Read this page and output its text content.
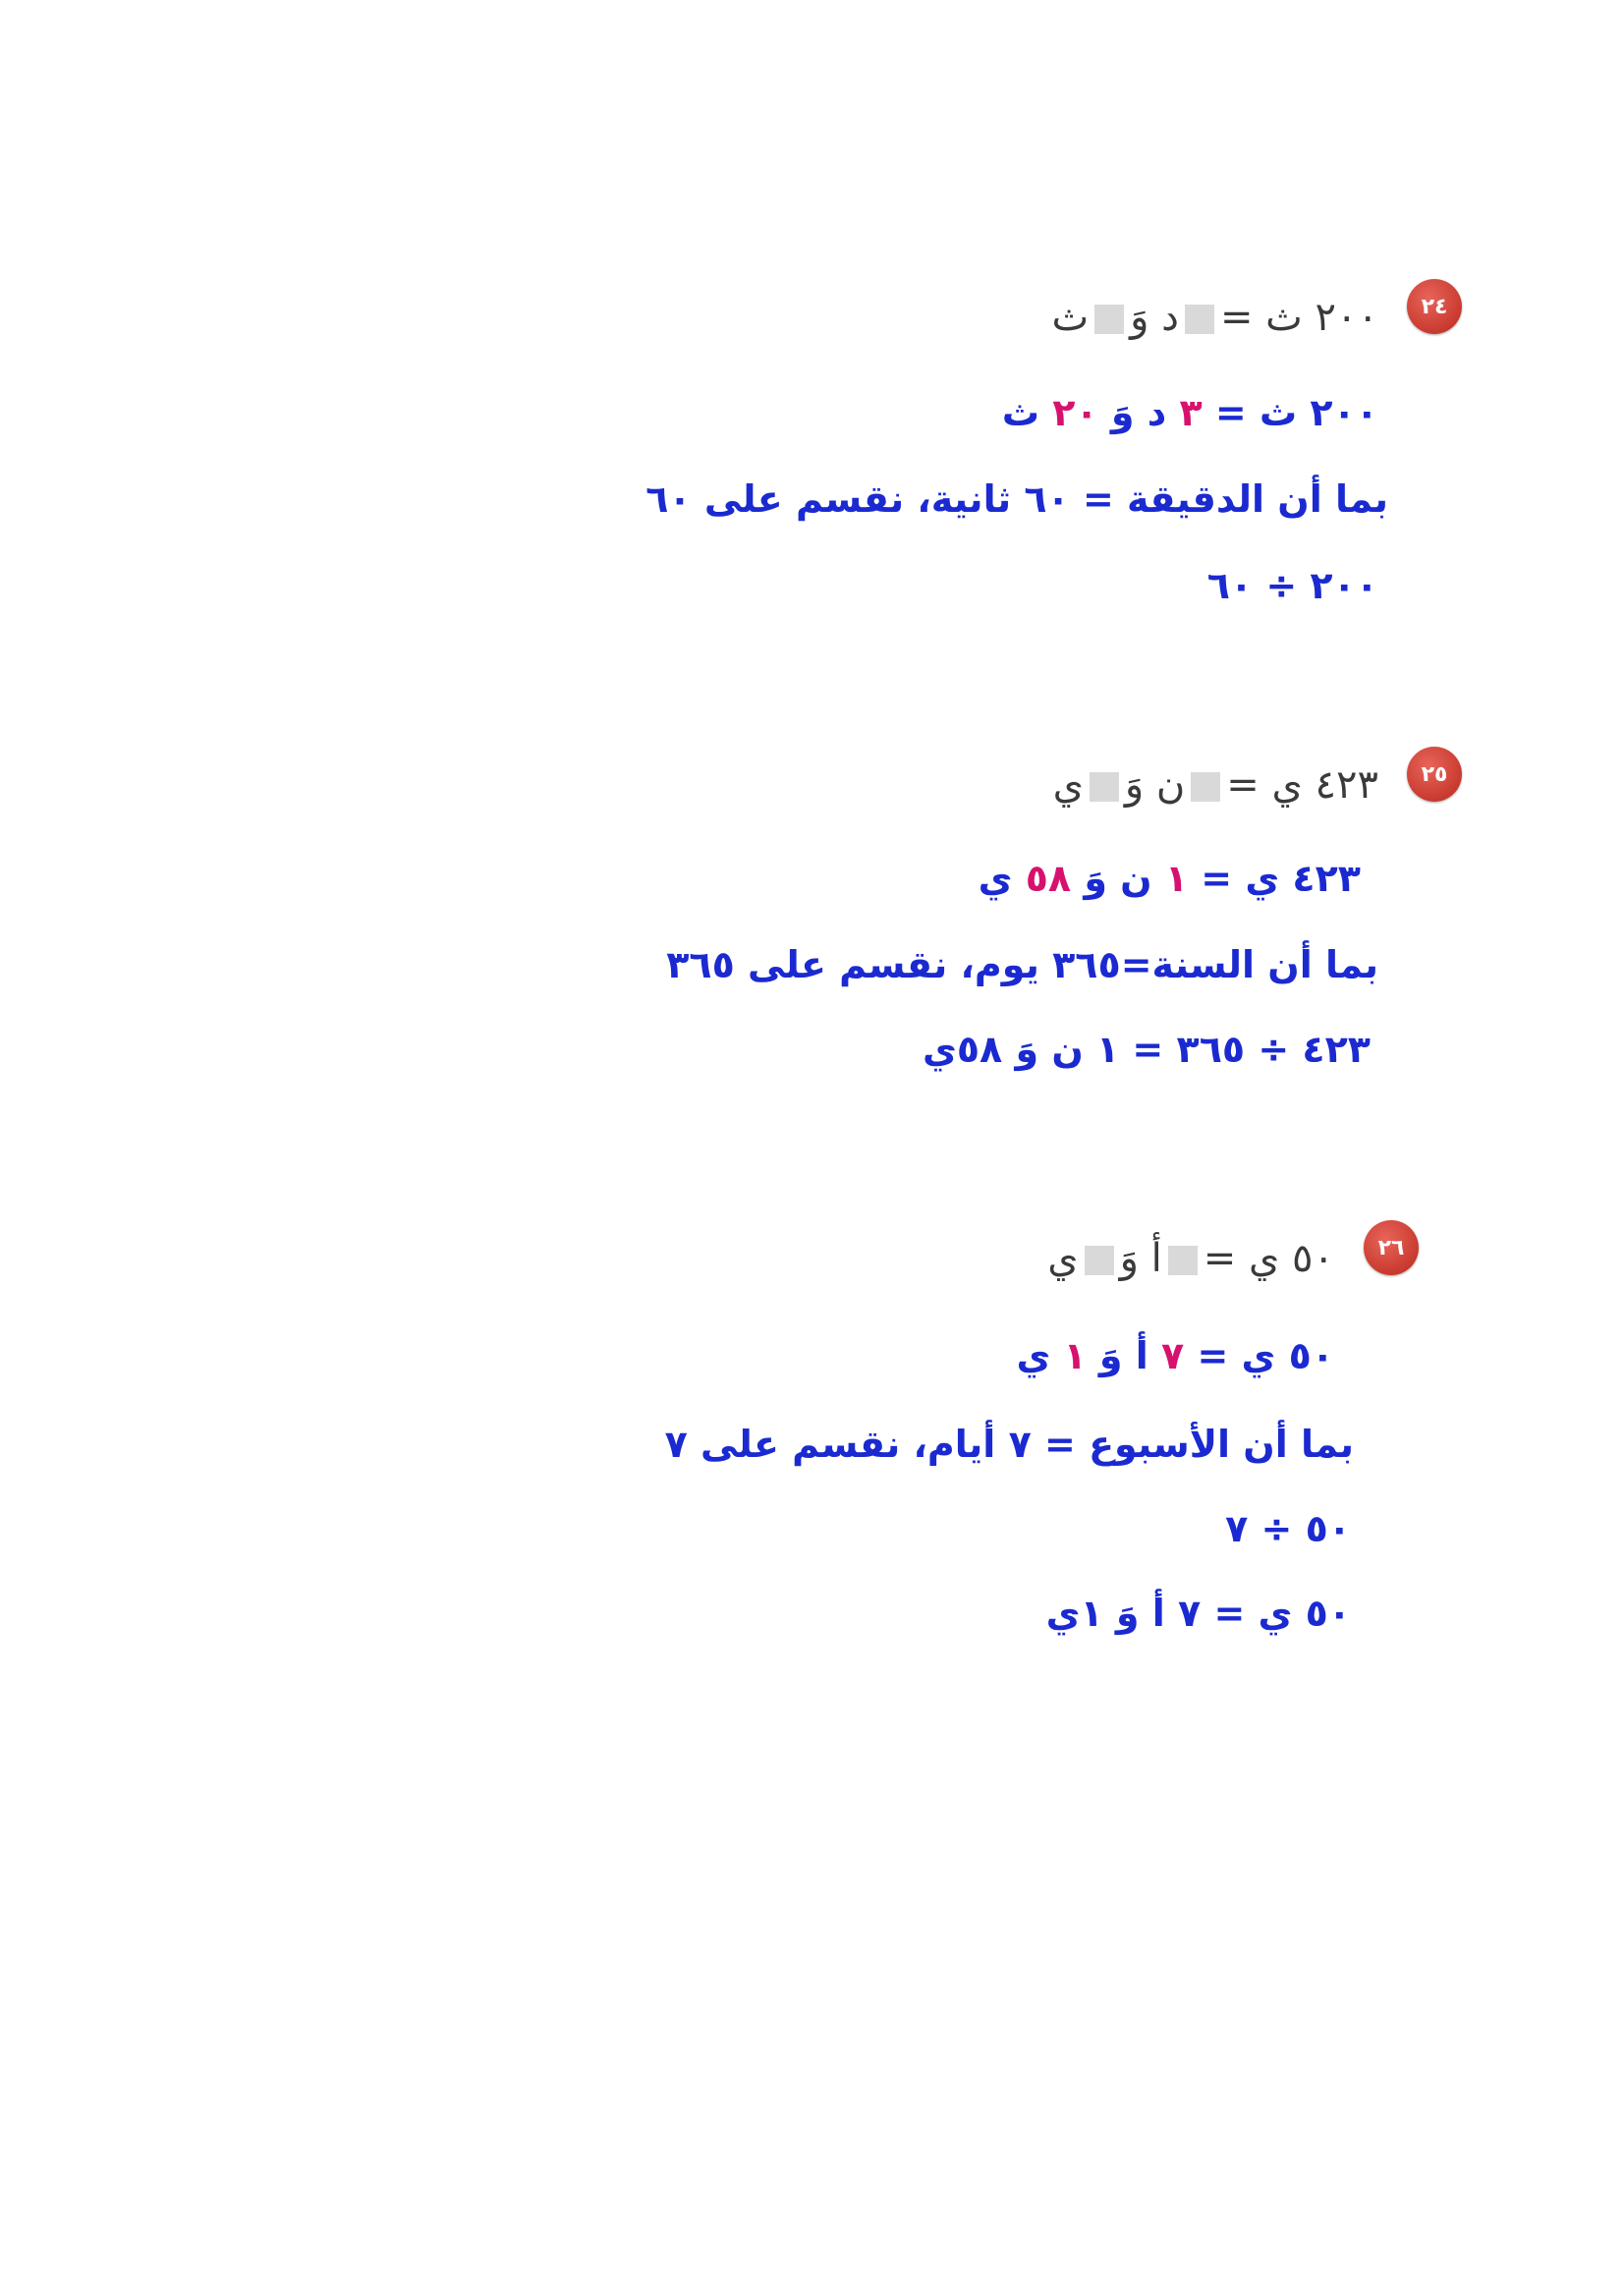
٢٤
٢٠٠ ث =د وَث
٢٠٠ ث = ٣ د وَ ٢٠ ث
بما أن الدقيقة = ٦٠ ثانية، نقسم على ٦٠
٢٠٠ ÷ ٦٠
٢٥
٤٢٣ ي =ن وَي
٤٢٣ ي = ١ ن وَ ٥٨ ي
بما أن السنة=٣٦٥ يوم، نقسم على ٣٦٥
٤٢٣ ÷ ٣٦٥ = ١ ن وَ ٥٨ي
٢٦
٥٠ ي =أ وَي
٥٠ ي = ٧ أ وَ ١ ي
بما أن الأسبوع = ٧ أيام، نقسم على ٧
٥٠ ÷ ٧
٥٠ ي = ٧ أ وَ ١ي
